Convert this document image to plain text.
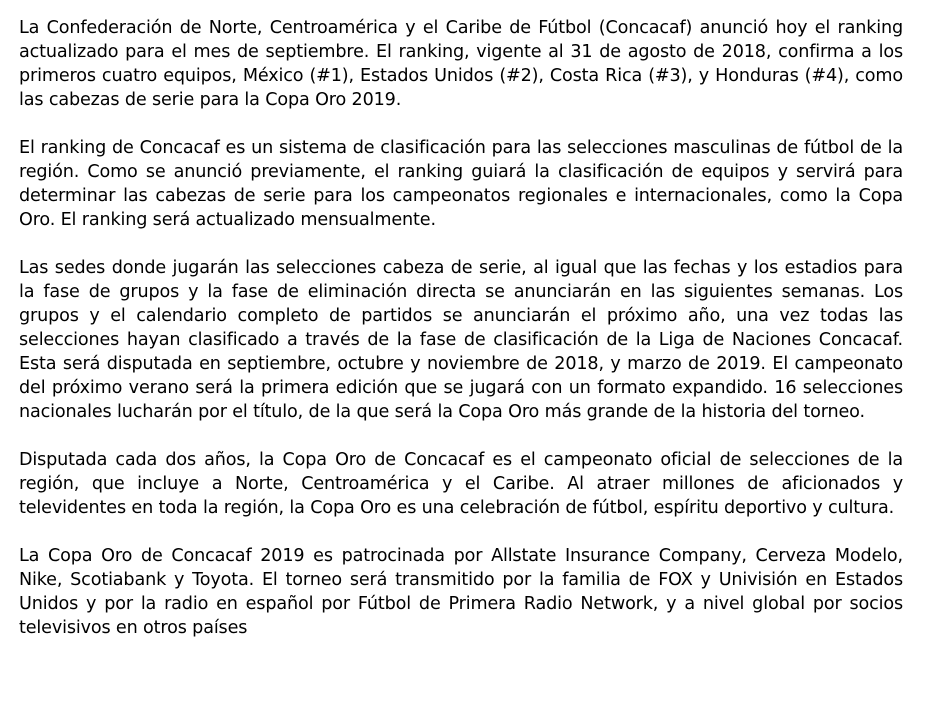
La Confederación de Norte, Centroamérica y el Caribe de Fútbol (Concacaf) anunció hoy el ranking actualizado para el mes de septiembre. El ranking, vigente al 31 de agosto de 2018, confirma a los primeros cuatro equipos, México (#1), Estados Unidos (#2), Costa Rica (#3), y Honduras (#4), como las cabezas de serie para la Copa Oro 2019.

El ranking de Concacaf es un sistema de clasificación para las selecciones masculinas de fútbol de la región. Como se anunció previamente, el ranking guiará la clasificación de equipos y servirá para determinar las cabezas de serie para los campeonatos regionales e internacionales, como la Copa Oro. El ranking será actualizado mensualmente.

Las sedes donde jugarán las selecciones cabeza de serie, al igual que las fechas y los estadios para la fase de grupos y la fase de eliminación directa se anunciarán en las siguientes semanas. Los grupos y el calendario completo de partidos se anunciarán el próximo año, una vez todas las selecciones hayan clasificado a través de la fase de clasificación de la Liga de Naciones Concacaf. Esta será disputada en septiembre, octubre y noviembre de 2018, y marzo de 2019. El campeonato del próximo verano será la primera edición que se jugará con un formato expandido. 16 selecciones nacionales lucharán por el título, de la que será la Copa Oro más grande de la historia del torneo.

Disputada cada dos años, la Copa Oro de Concacaf es el campeonato oficial de selecciones de la región, que incluye a Norte, Centroamérica y el Caribe. Al atraer millones de aficionados y televidentes en toda la región, la Copa Oro es una celebración de fútbol, espíritu deportivo y cultura.

La Copa Oro de Concacaf 2019 es patrocinada por Allstate Insurance Company, Cerveza Modelo, Nike, Scotiabank y Toyota. El torneo será transmitido por la familia de FOX y Univisión en Estados Unidos y por la radio en español por Fútbol de Primera Radio Network, y a nivel global por socios televisivos en otros países
